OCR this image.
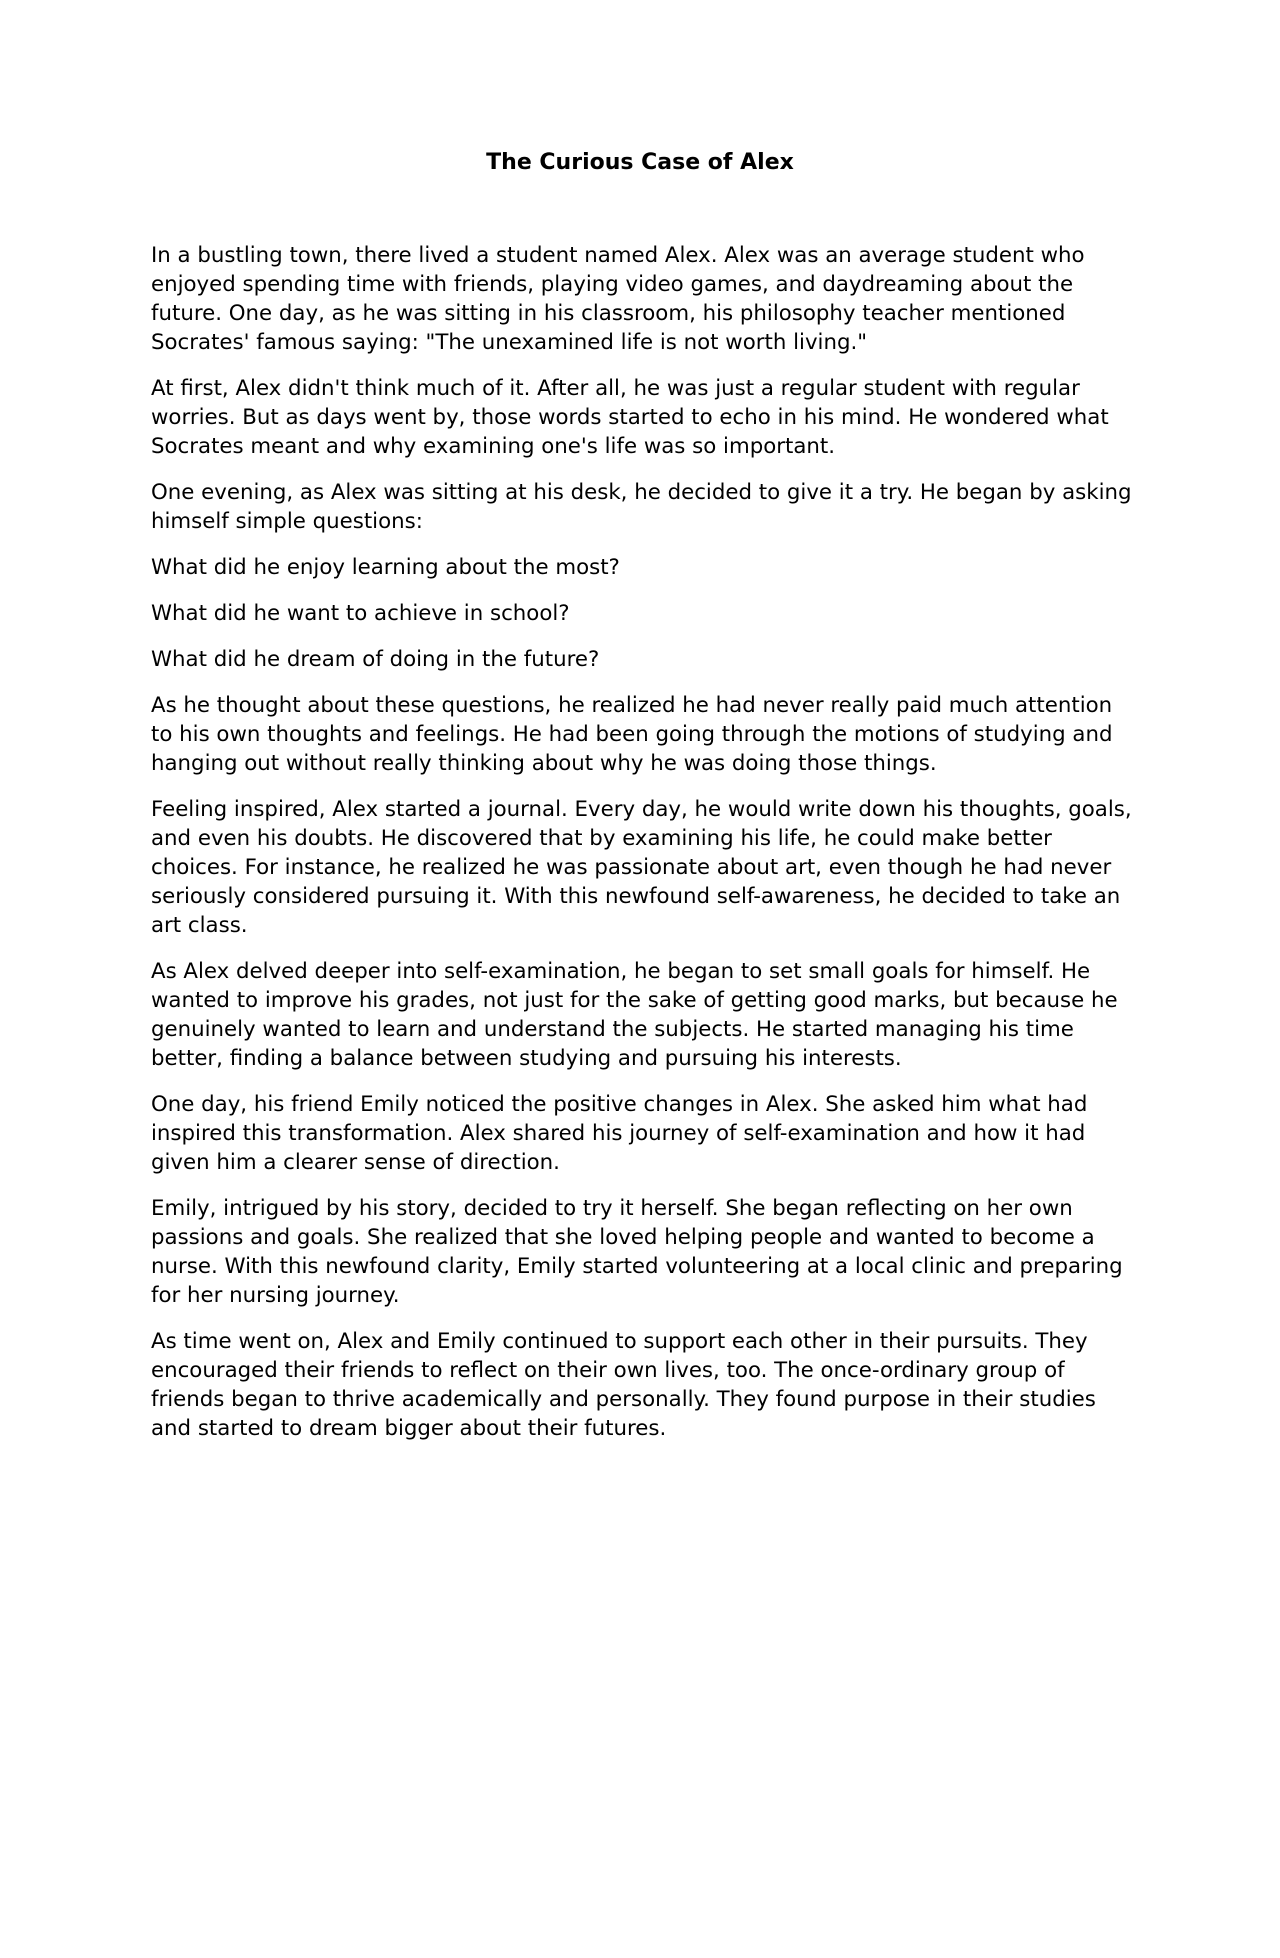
The Curious Case of Alex

In a bustling town, there lived a student named Alex. Alex was an average student who enjoyed spending time with friends, playing video games, and daydreaming about the future. One day, as he was sitting in his classroom, his philosophy teacher mentioned Socrates' famous saying: "The unexamined life is not worth living."

At first, Alex didn't think much of it. After all, he was just a regular student with regular worries. But as days went by, those words started to echo in his mind. He wondered what Socrates meant and why examining one's life was so important.

One evening, as Alex was sitting at his desk, he decided to give it a try. He began by asking himself simple questions:

What did he enjoy learning about the most?

What did he want to achieve in school?

What did he dream of doing in the future?

As he thought about these questions, he realized he had never really paid much attention to his own thoughts and feelings. He had been going through the motions of studying and hanging out without really thinking about why he was doing those things.

Feeling inspired, Alex started a journal. Every day, he would write down his thoughts, goals, and even his doubts. He discovered that by examining his life, he could make better choices. For instance, he realized he was passionate about art, even though he had never seriously considered pursuing it. With this newfound self-awareness, he decided to take an art class.

As Alex delved deeper into self-examination, he began to set small goals for himself. He wanted to improve his grades, not just for the sake of getting good marks, but because he genuinely wanted to learn and understand the subjects. He started managing his time better, finding a balance between studying and pursuing his interests.

One day, his friend Emily noticed the positive changes in Alex. She asked him what had inspired this transformation. Alex shared his journey of self-examination and how it had given him a clearer sense of direction.

Emily, intrigued by his story, decided to try it herself. She began reflecting on her own passions and goals. She realized that she loved helping people and wanted to become a nurse. With this newfound clarity, Emily started volunteering at a local clinic and preparing for her nursing journey.

As time went on, Alex and Emily continued to support each other in their pursuits. They encouraged their friends to reflect on their own lives, too. The once-ordinary group of friends began to thrive academically and personally. They found purpose in their studies and started to dream bigger about their futures.
